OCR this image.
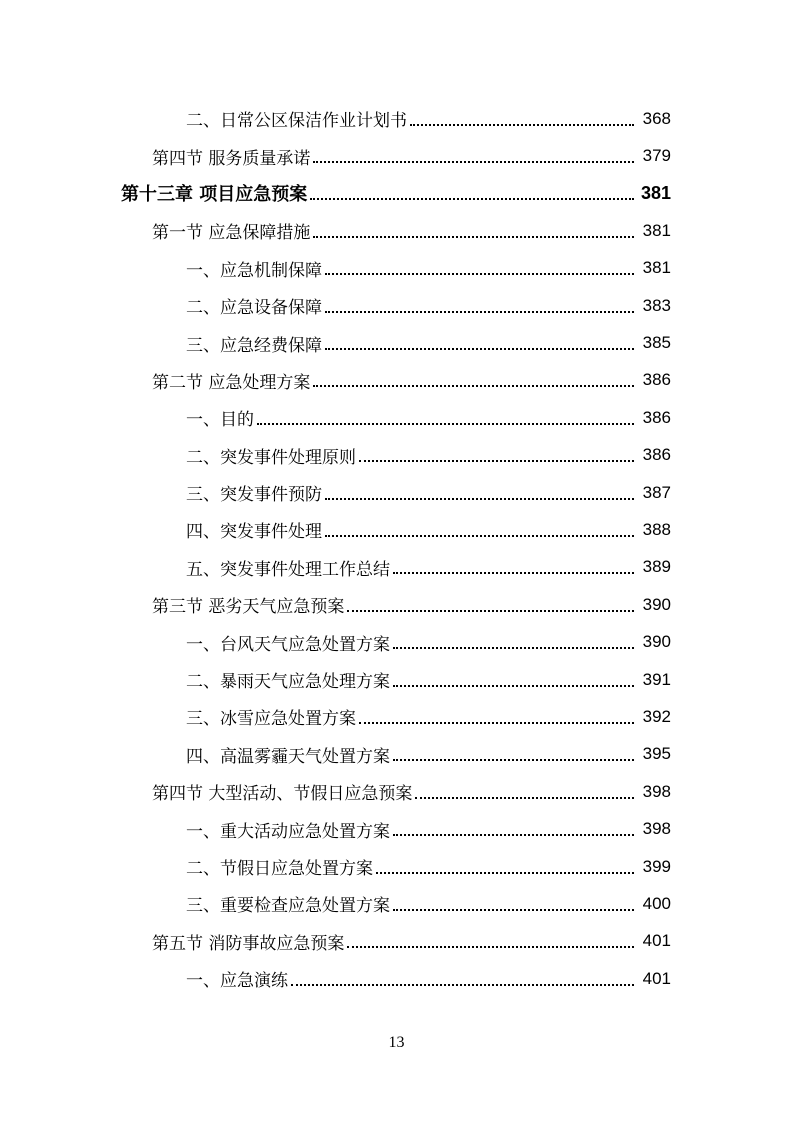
二、日常公区保洁作业计划书	368
第四节 服务质量承诺	379
第十三章 项目应急预案	381
第一节 应急保障措施	381
一、应急机制保障	381
二、应急设备保障	383
三、应急经费保障	385
第二节 应急处理方案	386
一、目的	386
二、突发事件处理原则	386
三、突发事件预防	387
四、突发事件处理	388
五、突发事件处理工作总结	389
第三节 恶劣天气应急预案	390
一、台风天气应急处置方案	390
二、暴雨天气应急处理方案	391
三、冰雪应急处置方案	392
四、高温雾霾天气处置方案	395
第四节 大型活动、节假日应急预案	398
一、重大活动应急处置方案	398
二、节假日应急处置方案	399
三、重要检查应急处置方案	400
第五节 消防事故应急预案	401
一、应急演练	401
13
